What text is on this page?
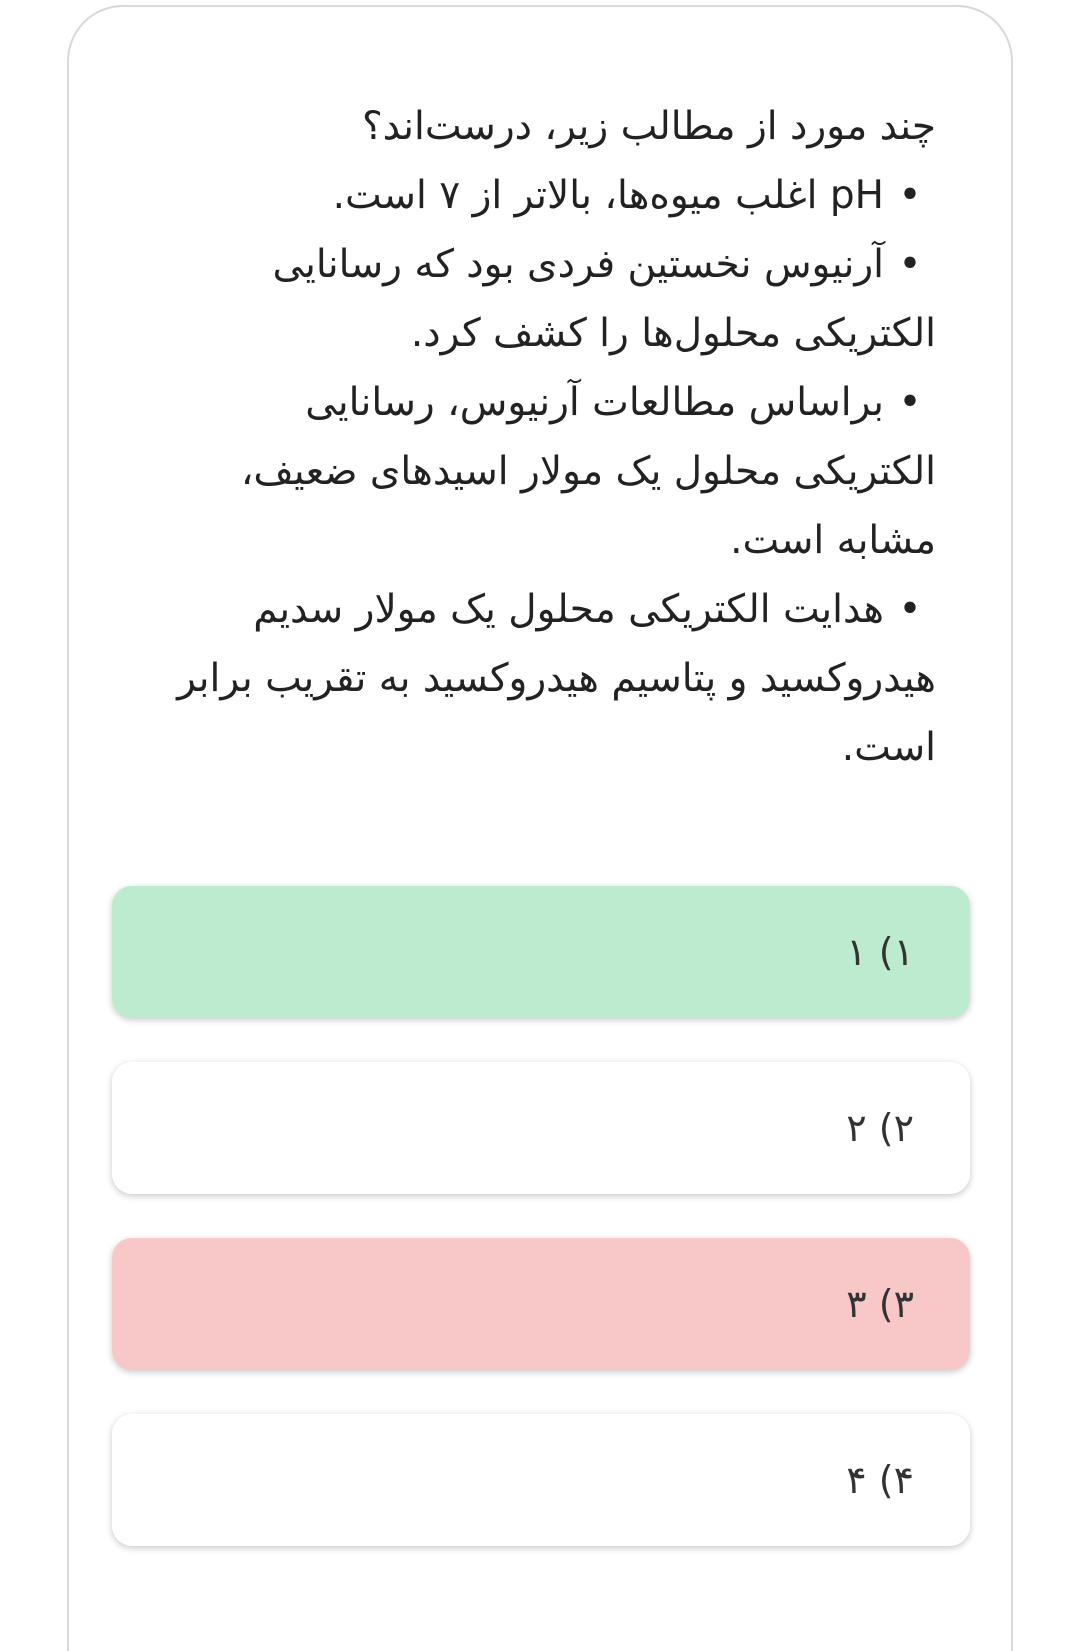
چند مورد از مطالب زیر، درست‌اند؟

•pH اغلب میوه‌ها، بالاتر از ۷ است.
•آرنیوس نخستین فردی بود که رسانایی الکتریکی محلول‌ها را کشف کرد.
•براساس مطالعات آرنیوس، رسانایی الکتریکی محلول یک مولار اسیدهای ضعیف، مشابه است.
•هدایت الکتریکی محلول یک مولار سدیم هیدروکسید و پتاسیم هیدروکسید به تقریب برابر است.
۱) ۱
۲) ۲
۳) ۳
۴) ۴
